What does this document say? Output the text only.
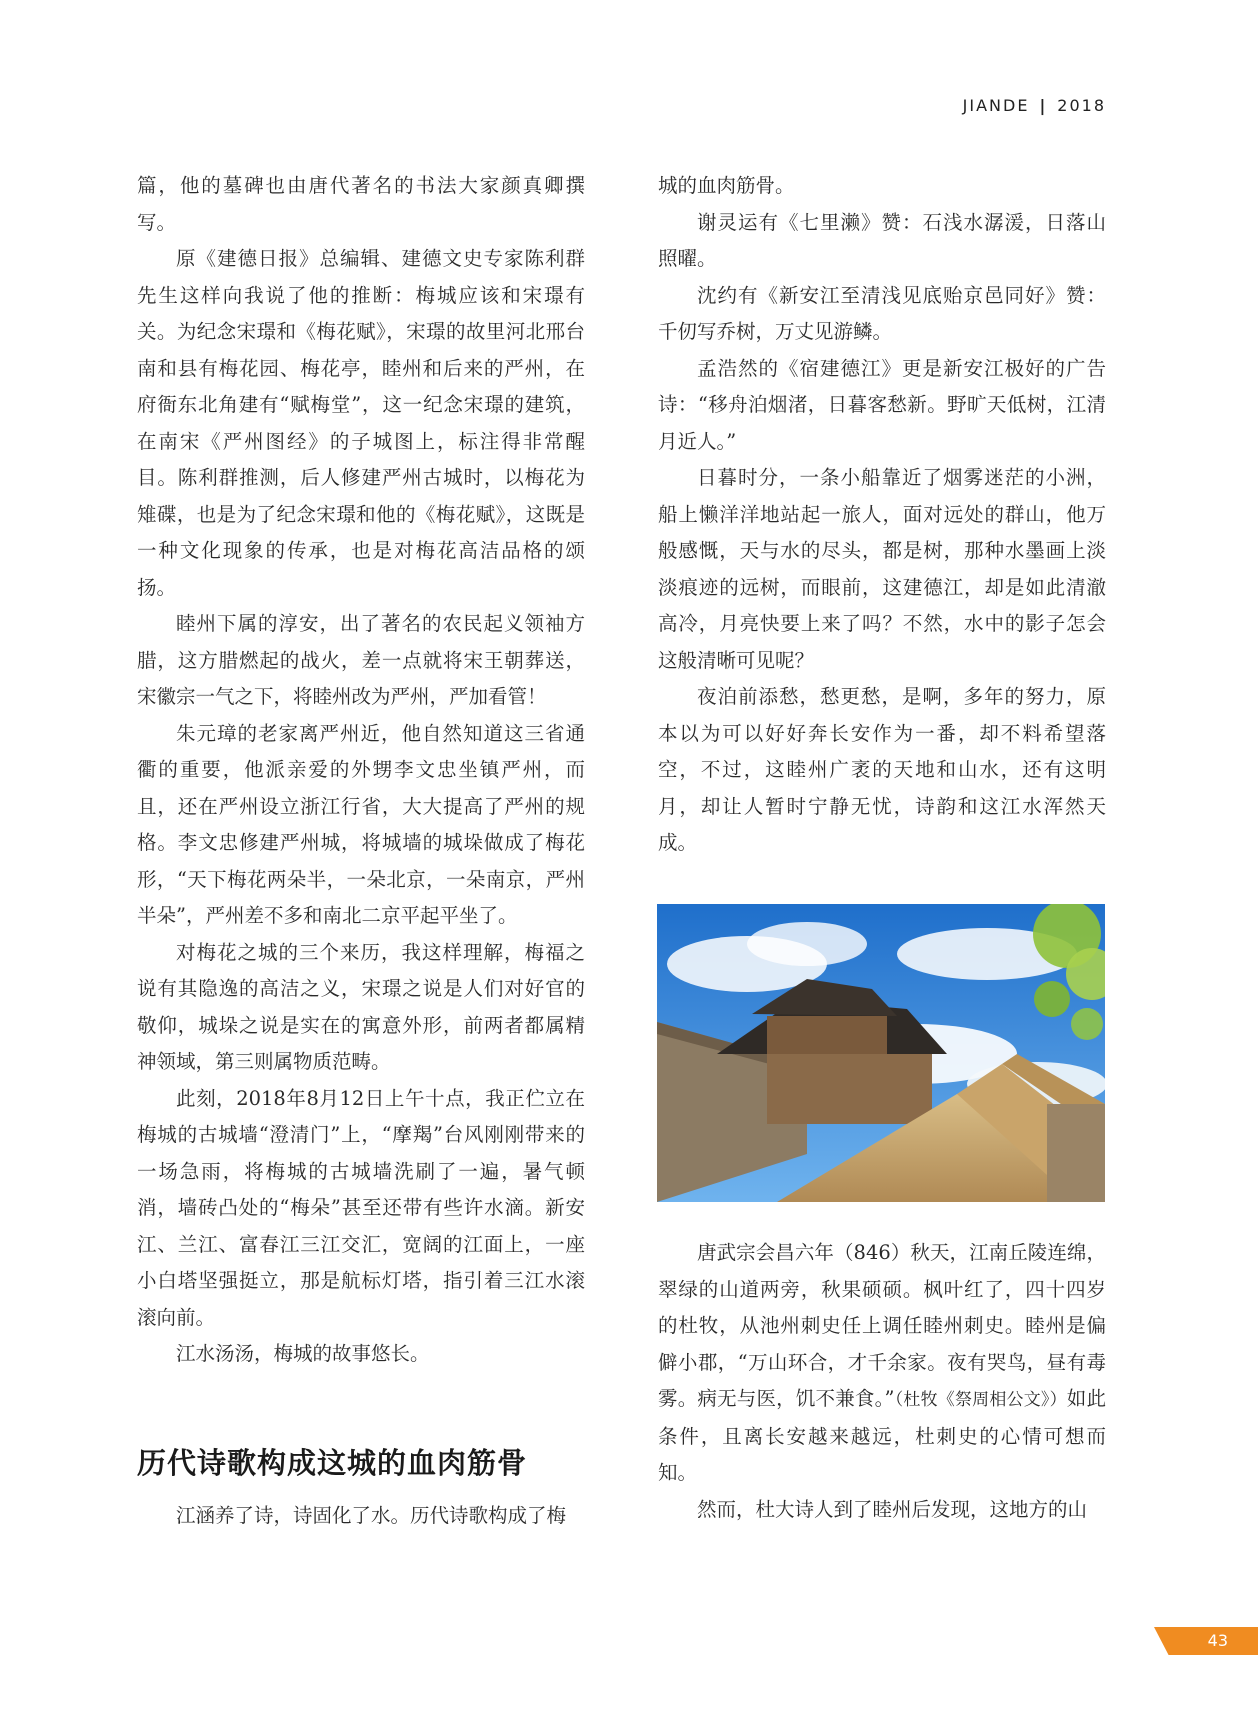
JIANDE | 2018

篇，他的墓碑也由唐代著名的书法大家颜真卿撰写。

原《建德日报》总编辑、建德文史专家陈利群先生这样向我说了他的推断：梅城应该和宋璟有关。为纪念宋璟和《梅花赋》，宋璟的故里河北邢台南和县有梅花园、梅花亭，睦州和后来的严州，在府衙东北角建有“赋梅堂”，这一纪念宋璟的建筑，在南宋《严州图经》的子城图上，标注得非常醒目。陈利群推测，后人修建严州古城时，以梅花为雉碟，也是为了纪念宋璟和他的《梅花赋》，这既是一种文化现象的传承，也是对梅花高洁品格的颂扬。

睦州下属的淳安，出了著名的农民起义领袖方腊，这方腊燃起的战火，差一点就将宋王朝葬送，宋徽宗一气之下，将睦州改为严州，严加看管！

朱元璋的老家离严州近，他自然知道这三省通衢的重要，他派亲爱的外甥李文忠坐镇严州，而且，还在严州设立浙江行省，大大提高了严州的规格。李文忠修建严州城，将城墙的城垛做成了梅花形，“天下梅花两朵半，一朵北京，一朵南京，严州半朵”，严州差不多和南北二京平起平坐了。

对梅花之城的三个来历，我这样理解，梅福之说有其隐逸的高洁之义，宋璟之说是人们对好官的敬仰，城垛之说是实在的寓意外形，前两者都属精神领域，第三则属物质范畴。

此刻，2018年8月12日上午十点，我正伫立在梅城的古城墙“澄清门”上，“摩羯”台风刚刚带来的一场急雨，将梅城的古城墙洗刷了一遍，暑气顿消，墙砖凸处的“梅朵”甚至还带有些许水滴。新安江、兰江、富春江三江交汇，宽阔的江面上，一座小白塔坚强挺立，那是航标灯塔，指引着三江水滚滚向前。

江水汤汤，梅城的故事悠长。

历代诗歌构成这城的血肉筋骨

江涵养了诗，诗固化了水。历代诗歌构成了梅

城的血肉筋骨。

谢灵运有《七里濑》赞：石浅水潺湲，日落山照曜。

沈约有《新安江至清浅见底贻京邑同好》赞：千仞写乔树，万丈见游鳞。

孟浩然的《宿建德江》更是新安江极好的广告诗：“移舟泊烟渚，日暮客愁新。野旷天低树，江清月近人。”

日暮时分，一条小船靠近了烟雾迷茫的小洲，船上懒洋洋地站起一旅人，面对远处的群山，他万般感慨，天与水的尽头，都是树，那种水墨画上淡淡痕迹的远树，而眼前，这建德江，却是如此清澈高冷，月亮快要上来了吗？不然，水中的影子怎会这般清晰可见呢？

夜泊前添愁，愁更愁，是啊，多年的努力，原本以为可以好好奔长安作为一番，却不料希望落空，不过，这睦州广袤的天地和山水，还有这明月，却让人暂时宁静无忧，诗韵和这江水浑然天成。

唐武宗会昌六年（846）秋天，江南丘陵连绵，翠绿的山道两旁，秋果硕硕。枫叶红了，四十四岁的杜牧，从池州刺史任上调任睦州刺史。睦州是偏僻小郡，“万山环合，才千余家。夜有哭鸟，昼有毒雾。病无与医，饥不兼食。”（杜牧《祭周相公文》）如此条件，且离长安越来越远，杜刺史的心情可想而知。

然而，杜大诗人到了睦州后发现，这地方的山

43
